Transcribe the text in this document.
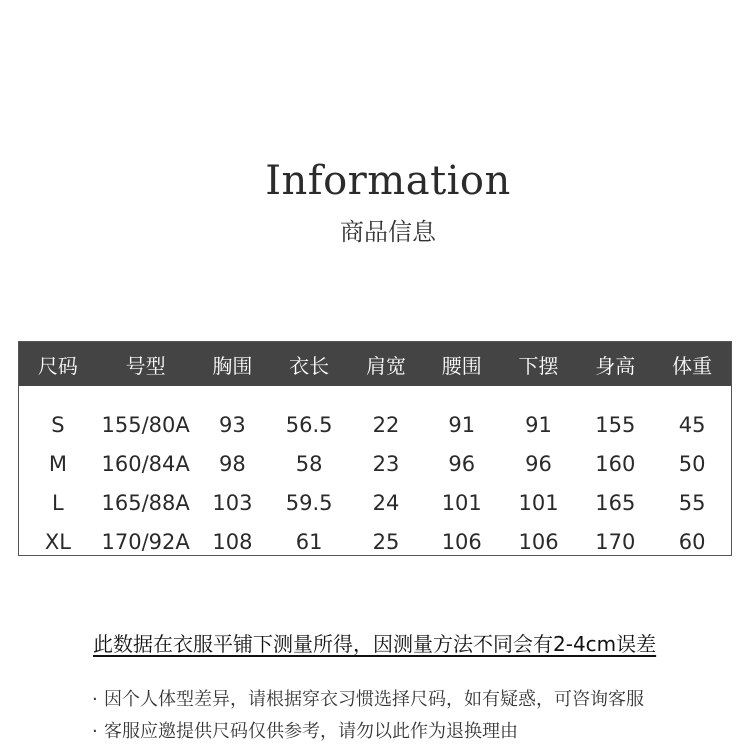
Information
商品信息
尺码	号型	胸围	衣长	肩宽	腰围	下摆	身高	体重
S	155/80A	93	56.5	22	91	91	155	45
M	160/84A	98	58	23	96	96	160	50
L	165/88A	103	59.5	24	101	101	165	55
XL	170/92A	108	61	25	106	106	170	60
此数据在衣服平铺下测量所得，因测量方法不同会有2-4cm误差
· 因个人体型差异，请根据穿衣习惯选择尺码，如有疑惑，可咨询客服
· 客服应邀提供尺码仅供参考，请勿以此作为退换理由
